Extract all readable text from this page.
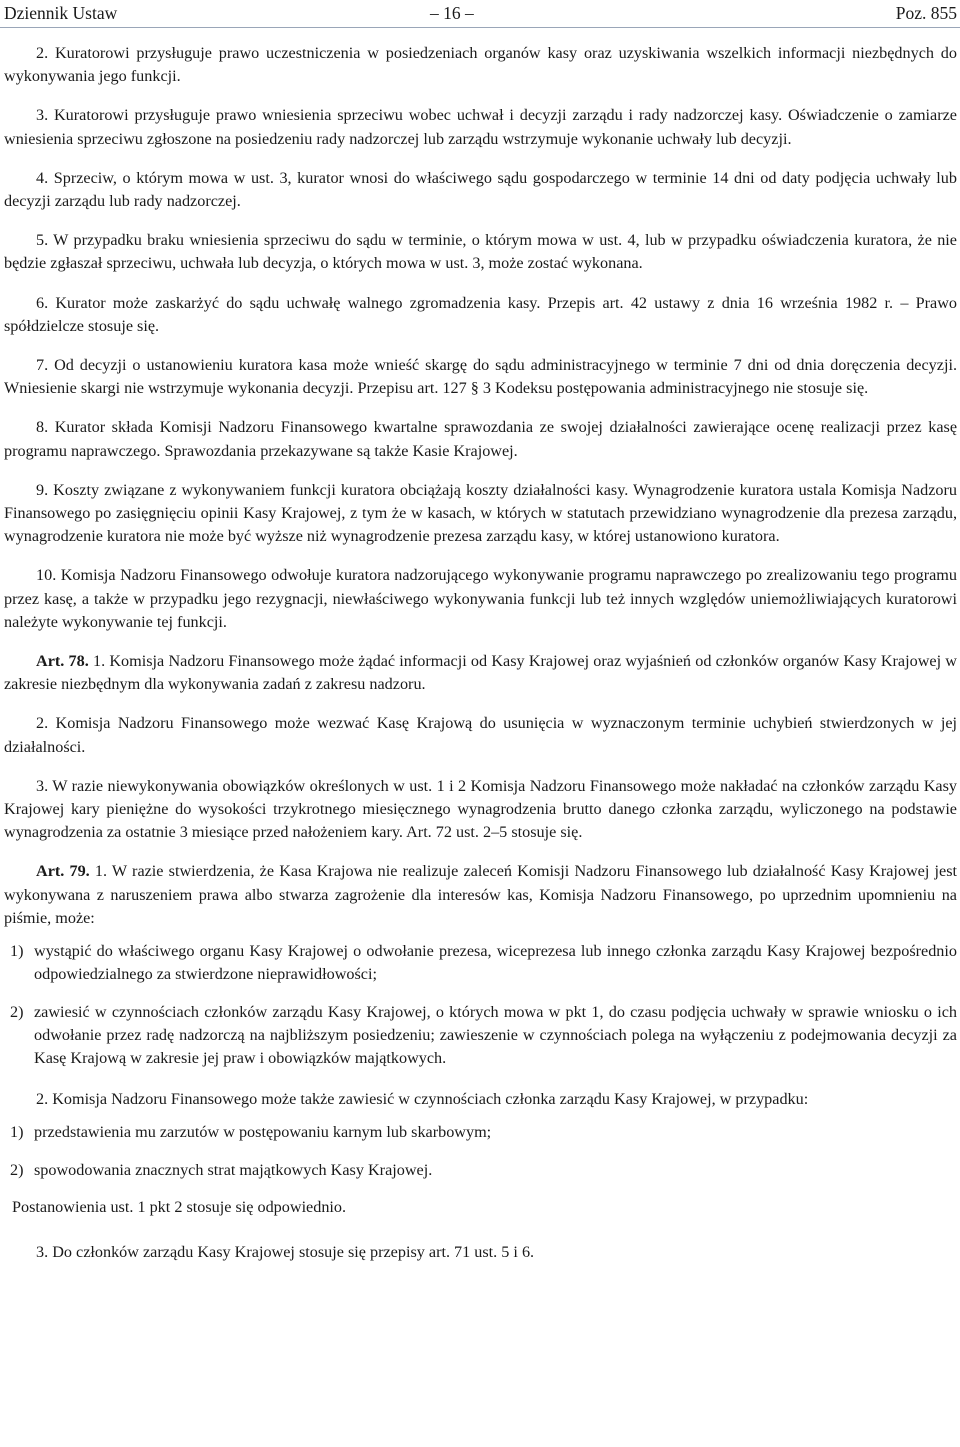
Dziennik Ustaw	– 16 –	Poz. 855

2. Kuratorowi przysługuje prawo uczestniczenia w posiedzeniach organów kasy oraz uzyskiwania wszelkich informacji niezbędnych do wykonywania jego funkcji.

3. Kuratorowi przysługuje prawo wniesienia sprzeciwu wobec uchwał i decyzji zarządu i rady nadzorczej kasy. Oświadczenie o zamiarze wniesienia sprzeciwu zgłoszone na posiedzeniu rady nadzorczej lub zarządu wstrzymuje wykonanie uchwały lub decyzji.

4. Sprzeciw, o którym mowa w ust. 3, kurator wnosi do właściwego sądu gospodarczego w terminie 14 dni od daty podjęcia uchwały lub decyzji zarządu lub rady nadzorczej.

5. W przypadku braku wniesienia sprzeciwu do sądu w terminie, o którym mowa w ust. 4, lub w przypadku oświadczenia kuratora, że nie będzie zgłaszał sprzeciwu, uchwała lub decyzja, o których mowa w ust. 3, może zostać wykonana.

6. Kurator może zaskarżyć do sądu uchwałę walnego zgromadzenia kasy. Przepis art. 42 ustawy z dnia 16 września 1982 r. – Prawo spółdzielcze stosuje się.

7. Od decyzji o ustanowieniu kuratora kasa może wnieść skargę do sądu administracyjnego w terminie 7 dni od dnia doręczenia decyzji. Wniesienie skargi nie wstrzymuje wykonania decyzji. Przepisu art. 127 § 3 Kodeksu postępowania administracyjnego nie stosuje się.

8. Kurator składa Komisji Nadzoru Finansowego kwartalne sprawozdania ze swojej działalności zawierające ocenę realizacji przez kasę programu naprawczego. Sprawozdania przekazywane są także Kasie Krajowej.

9. Koszty związane z wykonywaniem funkcji kuratora obciążają koszty działalności kasy. Wynagrodzenie kuratora ustala Komisja Nadzoru Finansowego po zasięgnięciu opinii Kasy Krajowej, z tym że w kasach, w których w statutach przewidziano wynagrodzenie dla prezesa zarządu, wynagrodzenie kuratora nie może być wyższe niż wynagrodzenie prezesa zarządu kasy, w której ustanowiono kuratora.

10. Komisja Nadzoru Finansowego odwołuje kuratora nadzorującego wykonywanie programu naprawczego po zrealizowaniu tego programu przez kasę, a także w przypadku jego rezygnacji, niewłaściwego wykonywania funkcji lub też innych względów uniemożliwiających kuratorowi należyte wykonywanie tej funkcji.

Art. 78. 1. Komisja Nadzoru Finansowego może żądać informacji od Kasy Krajowej oraz wyjaśnień od członków organów Kasy Krajowej w zakresie niezbędnym dla wykonywania zadań z zakresu nadzoru.

2. Komisja Nadzoru Finansowego może wezwać Kasę Krajową do usunięcia w wyznaczonym terminie uchybień stwierdzonych w jej działalności.

3. W razie niewykonywania obowiązków określonych w ust. 1 i 2 Komisja Nadzoru Finansowego może nakładać na członków zarządu Kasy Krajowej kary pieniężne do wysokości trzykrotnego miesięcznego wynagrodzenia brutto danego członka zarządu, wyliczonego na podstawie wynagrodzenia za ostatnie 3 miesiące przed nałożeniem kary. Art. 72 ust. 2–5 stosuje się.

Art. 79. 1. W razie stwierdzenia, że Kasa Krajowa nie realizuje zaleceń Komisji Nadzoru Finansowego lub działalność Kasy Krajowej jest wykonywana z naruszeniem prawa albo stwarza zagrożenie dla interesów kas, Komisja Nadzoru Finansowego, po uprzednim upomnieniu na piśmie, może:

1) wystąpić do właściwego organu Kasy Krajowej o odwołanie prezesa, wiceprezesa lub innego członka zarządu Kasy Krajowej bezpośrednio odpowiedzialnego za stwierdzone nieprawidłowości;
2) zawiesić w czynnościach członków zarządu Kasy Krajowej, o których mowa w pkt 1, do czasu podjęcia uchwały w sprawie wniosku o ich odwołanie przez radę nadzorczą na najbliższym posiedzeniu; zawieszenie w czynnościach polega na wyłączeniu z podejmowania decyzji za Kasę Krajową w zakresie jej praw i obowiązków majątkowych.

2. Komisja Nadzoru Finansowego może także zawiesić w czynnościach członka zarządu Kasy Krajowej, w przypadku:

1) przedstawienia mu zarzutów w postępowaniu karnym lub skarbowym;
2) spowodowania znacznych strat majątkowych Kasy Krajowej.

Postanowienia ust. 1 pkt 2 stosuje się odpowiednio.

3. Do członków zarządu Kasy Krajowej stosuje się przepisy art. 71 ust. 5 i 6.
